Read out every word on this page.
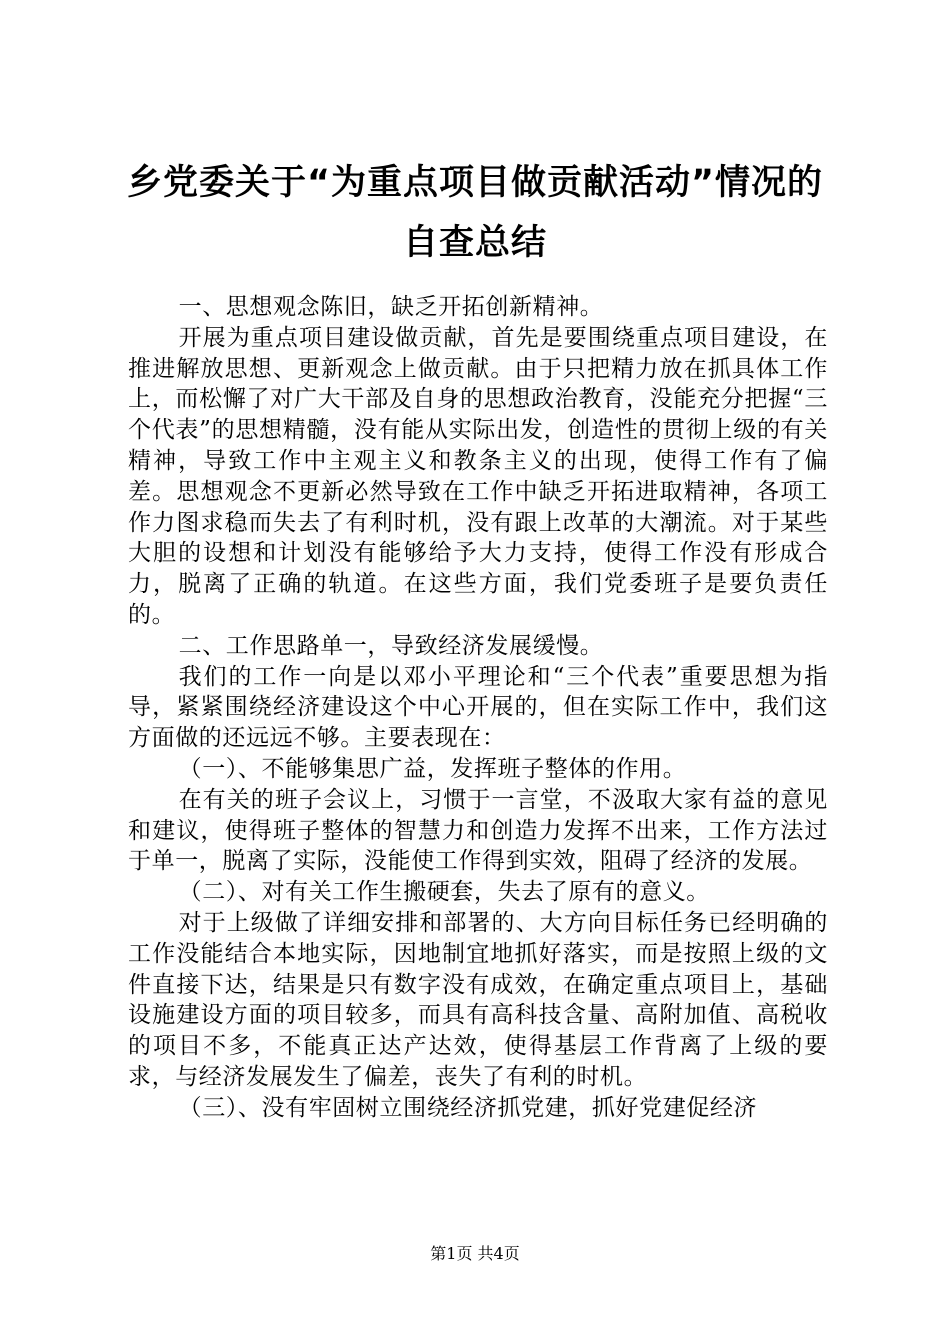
乡党委关于“为重点项目做贡献活动”情况的
自查总结

一、思想观念陈旧，缺乏开拓创新精神。

开展为重点项目建设做贡献，首先是要围绕重点项目建设，在推进解放思想、更新观念上做贡献。由于只把精力放在抓具体工作上，而松懈了对广大干部及自身的思想政治教育，没能充分把握“三个代表”的思想精髓，没有能从实际出发，创造性的贯彻上级的有关精神，导致工作中主观主义和教条主义的出现，使得工作有了偏差。思想观念不更新必然导致在工作中缺乏开拓进取精神，各项工作力图求稳而失去了有利时机，没有跟上改革的大潮流。对于某些大胆的设想和计划没有能够给予大力支持，使得工作没有形成合力，脱离了正确的轨道。在这些方面，我们党委班子是要负责任的。

二、工作思路单一，导致经济发展缓慢。

我们的工作一向是以邓小平理论和“三个代表”重要思想为指导，紧紧围绕经济建设这个中心开展的，但在实际工作中，我们这方面做的还远远不够。主要表现在：

（一）、不能够集思广益，发挥班子整体的作用。

在有关的班子会议上，习惯于一言堂，不汲取大家有益的意见和建议，使得班子整体的智慧力和创造力发挥不出来，工作方法过于单一，脱离了实际，没能使工作得到实效，阻碍了经济的发展。

（二）、对有关工作生搬硬套，失去了原有的意义。

对于上级做了详细安排和部署的、大方向目标任务已经明确的工作没能结合本地实际，因地制宜地抓好落实，而是按照上级的文件直接下达，结果是只有数字没有成效，在确定重点项目上，基础设施建设方面的项目较多，而具有高科技含量、高附加值、高税收的项目不多，不能真正达产达效，使得基层工作背离了上级的要求，与经济发展发生了偏差，丧失了有利的时机。

（三）、没有牢固树立围绕经济抓党建，抓好党建促经济

第1页 共4页
